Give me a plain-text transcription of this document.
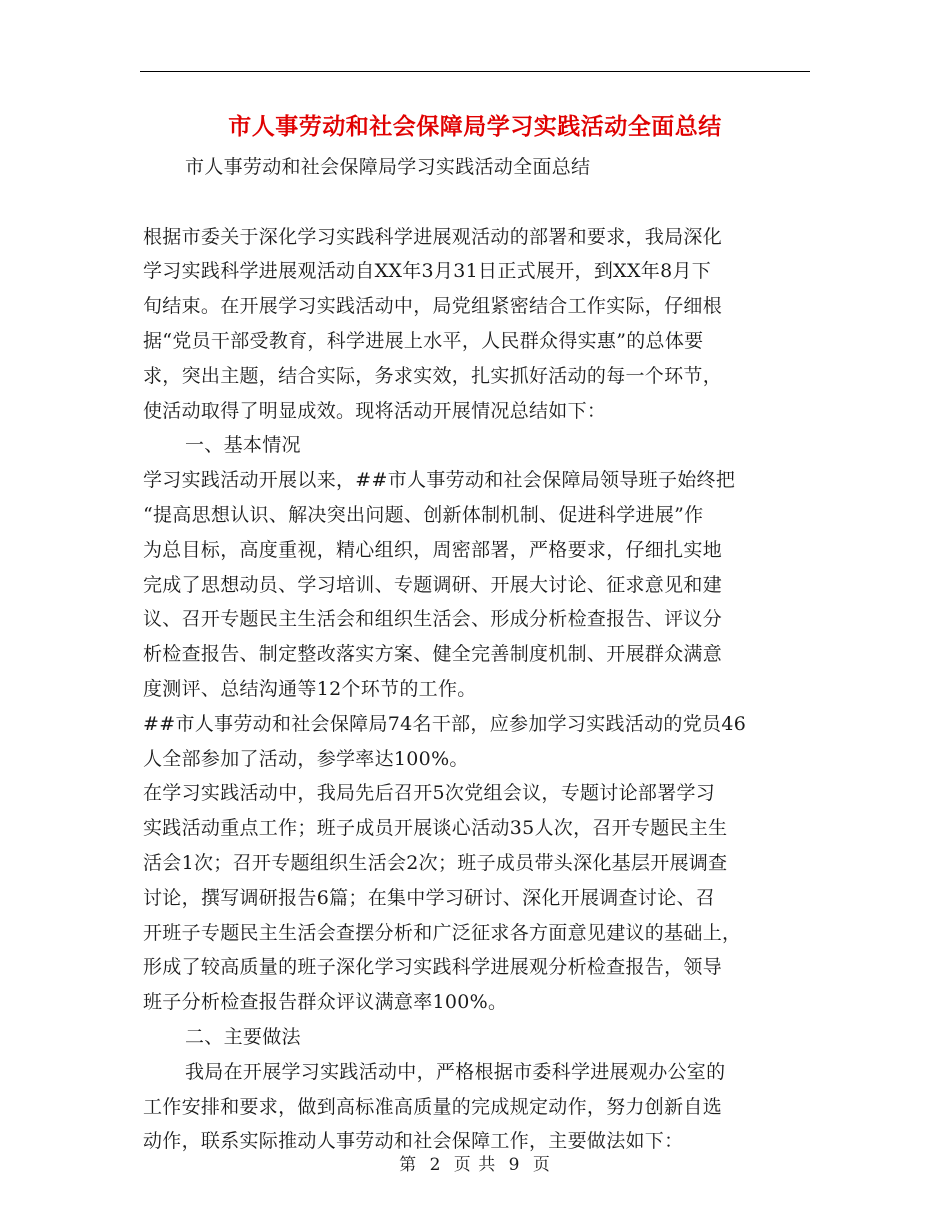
市人事劳动和社会保障局学习实践活动全面总结

市人事劳动和社会保障局学习实践活动全面总结

根据市委关于深化学习实践科学进展观活动的部署和要求，我局深化

学习实践科学进展观活动自XX年3月31日正式展开，到XX年8月下

旬结束。在开展学习实践活动中，局党组紧密结合工作实际，仔细根

据“党员干部受教育，科学进展上水平，人民群众得实惠”的总体要

求，突出主题，结合实际，务求实效，扎实抓好活动的每一个环节，

使活动取得了明显成效。现将活动开展情况总结如下：

一、基本情况

学习实践活动开展以来，##市人事劳动和社会保障局领导班子始终把

“提高思想认识、解决突出问题、创新体制机制、促进科学进展”作

为总目标，高度重视，精心组织，周密部署，严格要求，仔细扎实地

完成了思想动员、学习培训、专题调研、开展大讨论、征求意见和建

议、召开专题民主生活会和组织生活会、形成分析检查报告、评议分

析检查报告、制定整改落实方案、健全完善制度机制、开展群众满意

度测评、总结沟通等12个环节的工作。

##市人事劳动和社会保障局74名干部，应参加学习实践活动的党员46

人全部参加了活动，参学率达100%。

在学习实践活动中，我局先后召开5次党组会议，专题讨论部署学习

实践活动重点工作；班子成员开展谈心活动35人次，召开专题民主生

活会1次；召开专题组织生活会2次；班子成员带头深化基层开展调查

讨论，撰写调研报告6篇；在集中学习研讨、深化开展调查讨论、召

开班子专题民主生活会查摆分析和广泛征求各方面意见建议的基础上，

形成了较高质量的班子深化学习实践科学进展观分析检查报告，领导

班子分析检查报告群众评议满意率100%。

二、主要做法

我局在开展学习实践活动中，严格根据市委科学进展观办公室的

工作安排和要求，做到高标准高质量的完成规定动作，努力创新自选

动作，联系实际推动人事劳动和社会保障工作，主要做法如下：

第 2 页 共 9 页
